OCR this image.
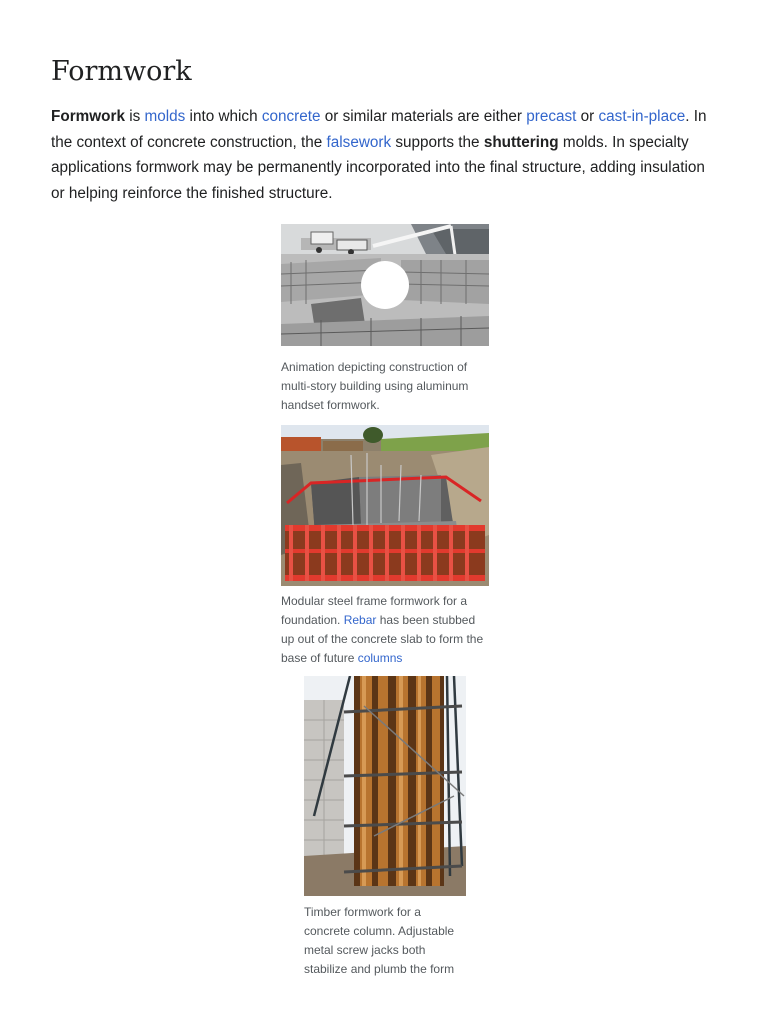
Formwork

Formwork is molds into which concrete or similar materials are either precast or cast-in-place. In the context of concrete construction, the falsework supports the shuttering molds. In specialty applications formwork may be permanently incorporated into the final structure, adding insulation or helping reinforce the finished structure.

Animation depicting construction of multi-story building using aluminum handset formwork.
Modular steel frame formwork for a foundation. Rebar has been stubbed up out of the concrete slab to form the base of future columns
Timber formwork for a concrete column. Adjustable metal screw jacks both stabilize and plumb the form
